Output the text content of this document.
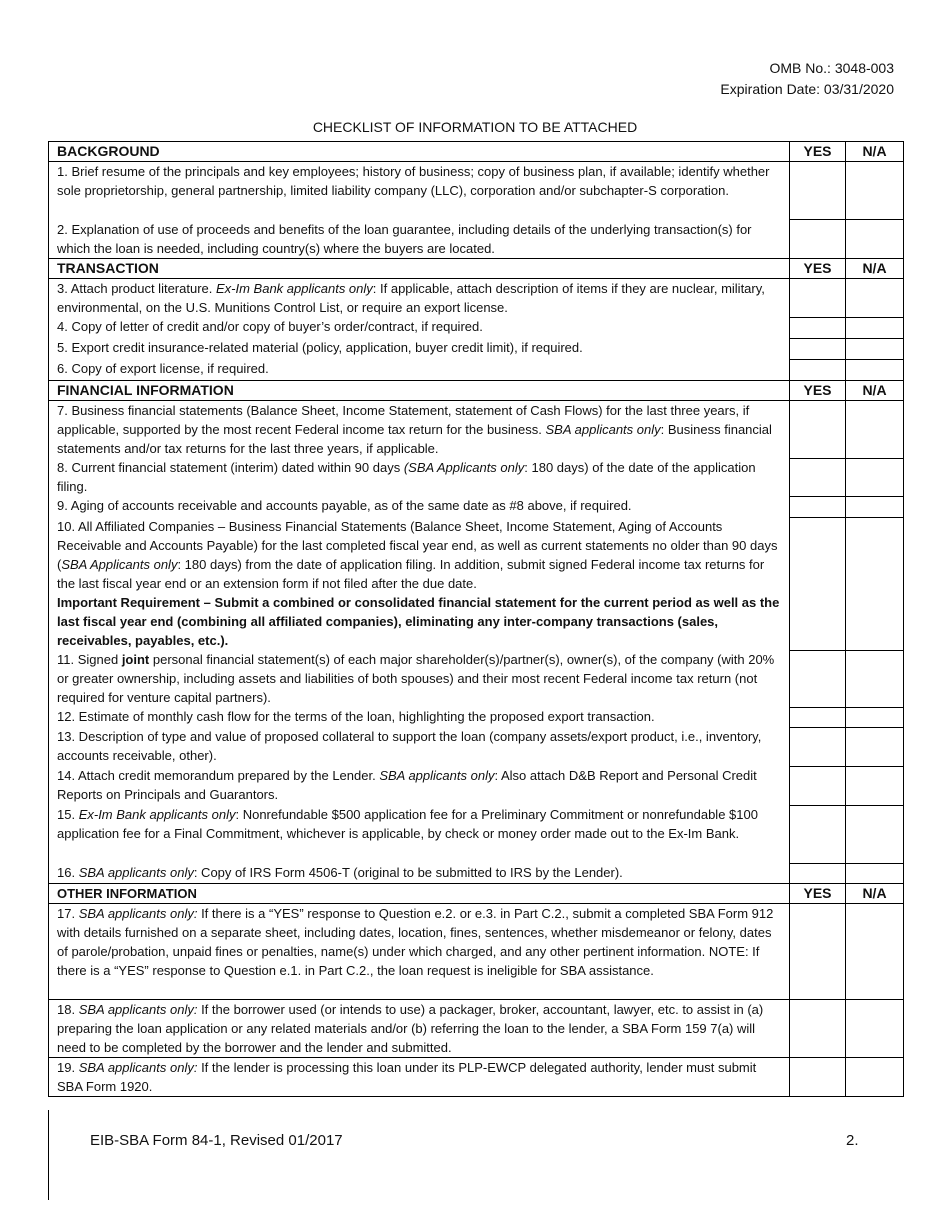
OMB No.: 3048-003
Expiration Date: 03/31/2020
CHECKLIST OF INFORMATION TO BE ATTACHED
BACKGROUND	YES	N/A
1. Brief resume of the principals and key employees; history of business; copy of business plan, if available; identify whether sole proprietorship, general partnership, limited liability company (LLC), corporation and/or subchapter-S corporation.		
2. Explanation of use of proceeds and benefits of the loan guarantee, including details of the underlying transaction(s) for which the loan is needed, including country(s) where the buyers are located.		
TRANSACTION	YES	N/A
3. Attach product literature. Ex-Im Bank applicants only: If applicable, attach description of items if they are nuclear, military, environmental, on the U.S. Munitions Control List, or require an export license.		
4. Copy of letter of credit and/or copy of buyer’s order/contract, if required.		
5. Export credit insurance-related material (policy, application, buyer credit limit), if required.		
6. Copy of export license, if required.		
FINANCIAL INFORMATION	YES	N/A
7. Business financial statements (Balance Sheet, Income Statement, statement of Cash Flows) for the last three years, if applicable, supported by the most recent Federal income tax return for the business. SBA applicants only: Business financial statements and/or tax returns for the last three years, if applicable.		
8. Current financial statement (interim) dated within 90 days (SBA Applicants only: 180 days) of the date of the application filing.		
9. Aging of accounts receivable and accounts payable, as of the same date as #8 above, if required.		
10. All Affiliated Companies – Business Financial Statements (Balance Sheet, Income Statement, Aging of Accounts Receivable and Accounts Payable) for the last completed fiscal year end, as well as current statements no older than 90 days (SBA Applicants only: 180 days) from the date of application filing. In addition, submit signed Federal income tax returns for the last fiscal year end or an extension form if not filed after the due date.
Important Requirement – Submit a combined or consolidated financial statement for the current period as well as the last fiscal year end (combining all affiliated companies), eliminating any inter-company transactions (sales, receivables, payables, etc.).		
11. Signed joint personal financial statement(s) of each major shareholder(s)/partner(s), owner(s), of the company (with 20% or greater ownership, including assets and liabilities of both spouses) and their most recent Federal income tax return (not required for venture capital partners).		
12. Estimate of monthly cash flow for the terms of the loan, highlighting the proposed export transaction.		
13. Description of type and value of proposed collateral to support the loan (company assets/export product, i.e., inventory, accounts receivable, other).		
14. Attach credit memorandum prepared by the Lender. SBA applicants only: Also attach D&B Report and Personal Credit Reports on Principals and Guarantors.		
15. Ex-Im Bank applicants only: Nonrefundable $500 application fee for a Preliminary Commitment or nonrefundable $100 application fee for a Final Commitment, whichever is applicable, by check or money order made out to the Ex-Im Bank.		
16. SBA applicants only: Copy of IRS Form 4506-T (original to be submitted to IRS by the Lender).		
OTHER INFORMATION	YES	N/A
17. SBA applicants only: If there is a “YES” response to Question e.2. or e.3. in Part C.2., submit a completed SBA Form 912 with details furnished on a separate sheet, including dates, location, fines, sentences, whether misdemeanor or felony, dates of parole/probation, unpaid fines or penalties, name(s) under which charged, and any other pertinent information. NOTE: If there is a “YES” response to Question e.1. in Part C.2., the loan request is ineligible for SBA assistance.		
18. SBA applicants only: If the borrower used (or intends to use) a packager, broker, accountant, lawyer, etc. to assist in (a) preparing the loan application or any related materials and/or (b) referring the loan to the lender, a SBA Form 159 7(a) will need to be completed by the borrower and the lender and submitted.		
19. SBA applicants only: If the lender is processing this loan under its PLP-EWCP delegated authority, lender must submit SBA Form 1920.		
EIB-SBA Form 84-1, Revised 01/2017	2.
